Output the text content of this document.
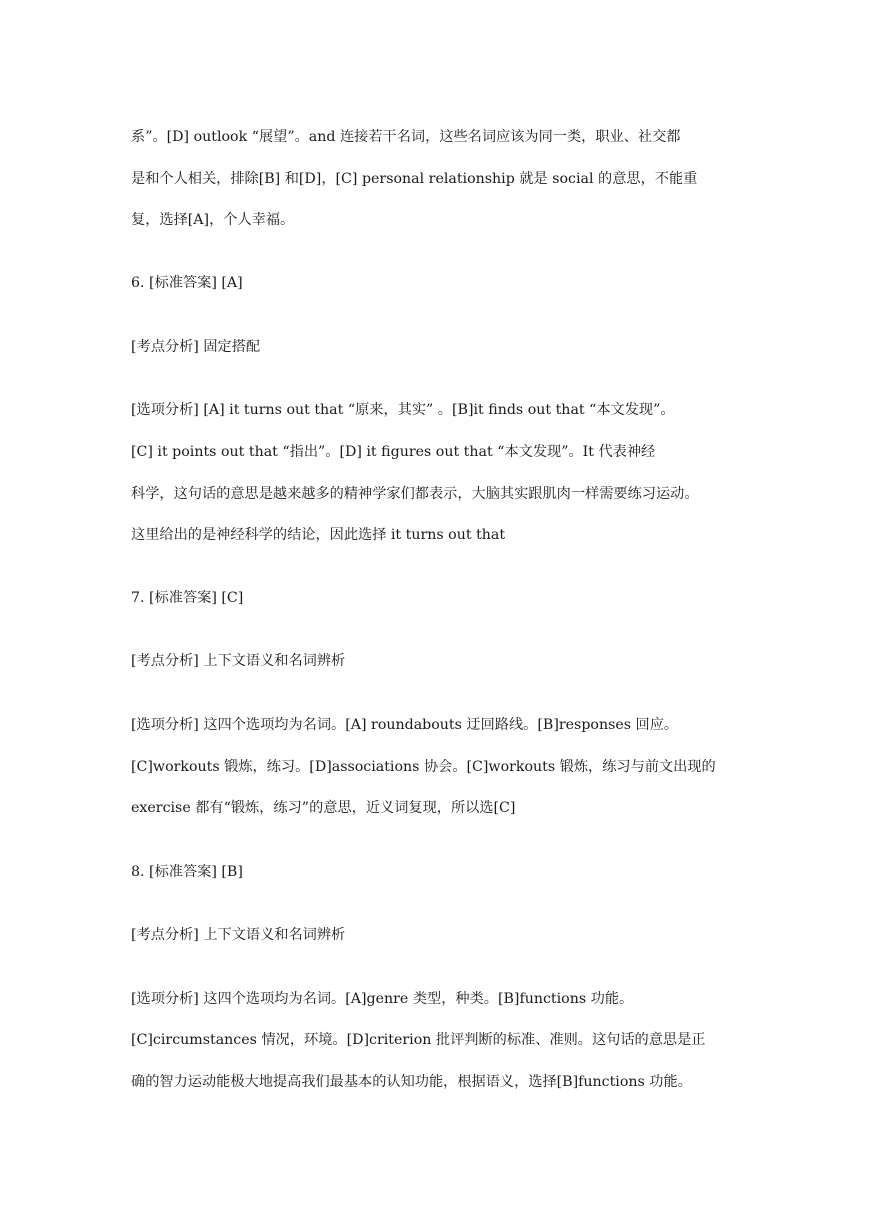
系”。[D] outlook “展望”。and 连接若干名词，这些名词应该为同一类，职业、社交都
是和个人相关，排除[B] 和[D]，[C] personal relationship 就是 social 的意思，不能重
复，选择[A]，个人幸福。
6. [标准答案] [A]
[考点分析] 固定搭配
[选项分析] [A] it turns out that “原来，其实” 。[B]it finds out that “本文发现”。
[C] it points out that “指出”。[D] it figures out that “本文发现”。It 代表神经
科学，这句话的意思是越来越多的精神学家们都表示，大脑其实跟肌肉一样需要练习运动。
这里给出的是神经科学的结论，因此选择 it turns out that
7. [标准答案] [C]
[考点分析] 上下文语义和名词辨析
[选项分析] 这四个选项均为名词。[A] roundabouts 迂回路线。[B]responses 回应。
[C]workouts 锻炼，练习。[D]associations 协会。[C]workouts 锻炼，练习与前文出现的
exercise 都有“锻炼，练习”的意思，近义词复现，所以选[C]
8. [标准答案] [B]
[考点分析] 上下文语义和名词辨析
[选项分析] 这四个选项均为名词。[A]genre 类型，种类。[B]functions 功能。
[C]circumstances 情况，环境。[D]criterion 批评判断的标准、准则。这句话的意思是正
确的智力运动能极大地提高我们最基本的认知功能，根据语义，选择[B]functions 功能。
